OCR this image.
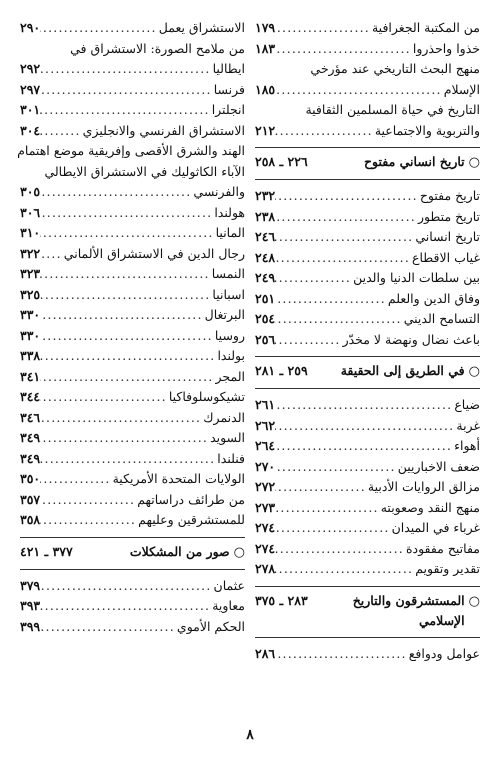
من المكتبة الجغرافية
.....
١٧٩
خذوا واحذروا
.....
١٨٣
منهج البحث التاريخي عند مؤرخي
الإسلام
.....
١٨٥
التاريخ في حياة المسلمين الثقافية
والتربوية والاجتماعية
.....
٢١٢
○
تاريخ انساني مفتوح
٢٢٦ ـ ٢٥٨
تاريخ مفتوح
.....
٢٣٢
تاريخ متطور
.....
٢٣٨
تاريخ انساني
.....
٢٤٦
غياب الاقطاع
.....
٢٤٨
بين سلطات الدنيا والدين
.....
٢٤٩
وفاق الدين والعلم
.....
٢٥١
التسامح الديني
.....
٢٥٤
باعث نضال ونهضة لا مخدّر
.....
٢٥٦
○
في الطريق إلى الحقيقة
٢٥٩ ـ ٢٨١
ضياع
.....
٢٦١
غربة
.....
٢٦٢
أهواء
.....
٢٦٤
ضعف الاخباريين
.....
٢٧٠
مزالق الروايات الأدبية
.....
٢٧٢
منهج النقد وصعوبته
.....
٢٧٣
غرباء في الميدان
.....
٢٧٤
مفاتيح مفقودة
.....
٢٧٤
تقدير وتقويم
.....
٢٧٨
○
المستشرقون والتاريخ الإسلامي
٢٨٣ ـ ٣٧٥
عوامل ودوافع
.....
٢٨٦
الاستشراق يعمل
.....
٢٩٠
من ملامح الصورة: الاستشراق في
ايطاليا
.....
٢٩٢
فرنسا
.....
٢٩٧
انجلترا
.....
٣٠١
الاستشراق الفرنسي والانجليزي
.....
٣٠٤
الهند والشرق الأقصى وإفريقية موضع اهتمام
الآباء الكاثوليك في الاستشراق الايطالي
والفرنسي
.....
٣٠٥
هولندا
.....
٣٠٦
المانيا
.....
٣١٠
رجال الدين في الاستشراق الألماني
.....
٣٢٢
النمسا
.....
٣٢٣
اسبانيا
.....
٣٢٥
البرتغال
.....
٣٣٠
روسيا
.....
٣٣٠
بولندا
.....
٣٣٨
المجر
.....
٣٤١
تشيكوسلوفاكيا
.....
٣٤٤
الدنمرك
.....
٣٤٦
السويد
.....
٣٤٩
فنلندا
.....
٣٤٩
الولايات المتحدة الأمريكية
.....
٣٥٠
من طرائف دراساتهم
.....
٣٥٧
للمستشرقين وعليهم
.....
٣٥٨
○
صور من المشكلات
٣٧٧ ـ ٤٢١
عثمان
.....
٣٧٩
معاوية
.....
٣٩٣
الحكم الأموي
.....
٣٩٩
٨
